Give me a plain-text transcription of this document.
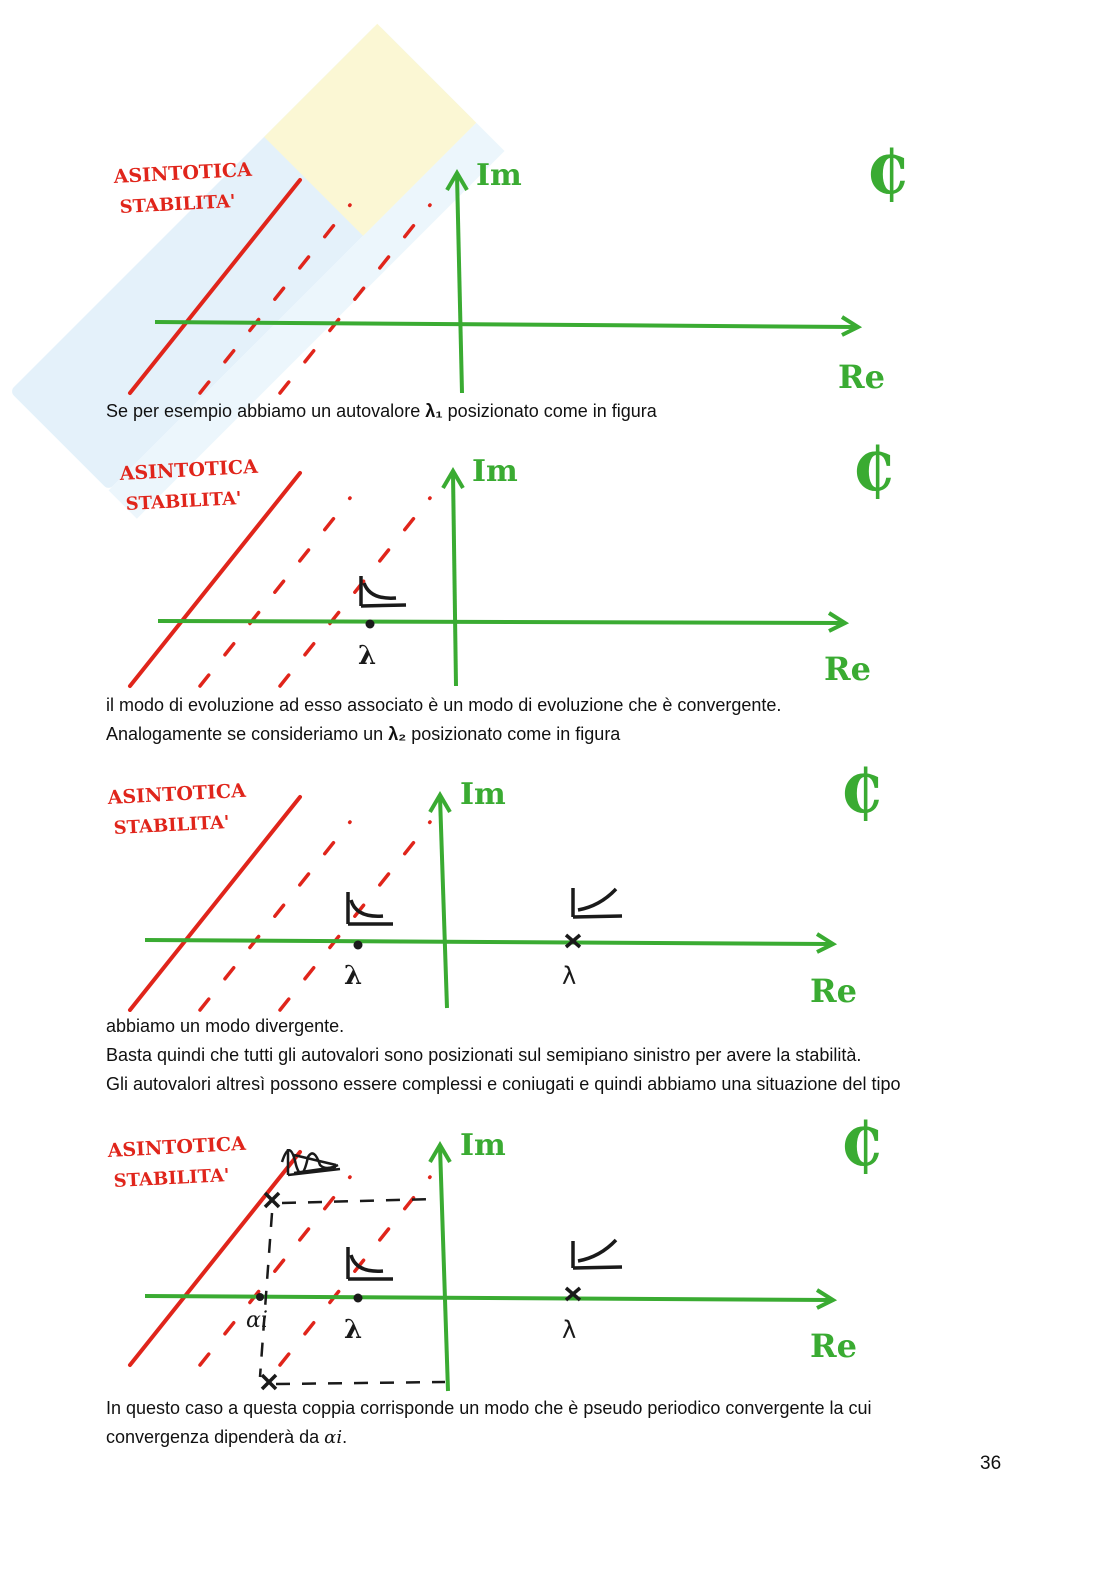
ASINTOTICA
STABILITA'
Im
Re
₵

Se per esempio abbiamo un autovalore λ₁ posizionato come in figura

λ
ASINTOTICA
STABILITA'
Im
Re
₵

il modo di evoluzione ad esso associato è un modo di evoluzione che è convergente.

Analogamente se consideriamo un λ₂ posizionato come in figura

λ	λ
ASINTOTICA
STABILITA'
Im
Re
₵

abbiamo un modo divergente.

Basta quindi che tutti gli autovalori sono posizionati sul semipiano sinistro per avere la stabilità.

Gli autovalori altresì possono essere complessi e coniugati e quindi abbiamo una situazione del tipo

αi	λ	λ
ASINTOTICA
STABILITA'
Im
Re
₵

In questo caso a questa coppia corrisponde un modo che è pseudo periodico convergente la cui

convergenza dipenderà da αi.

36
